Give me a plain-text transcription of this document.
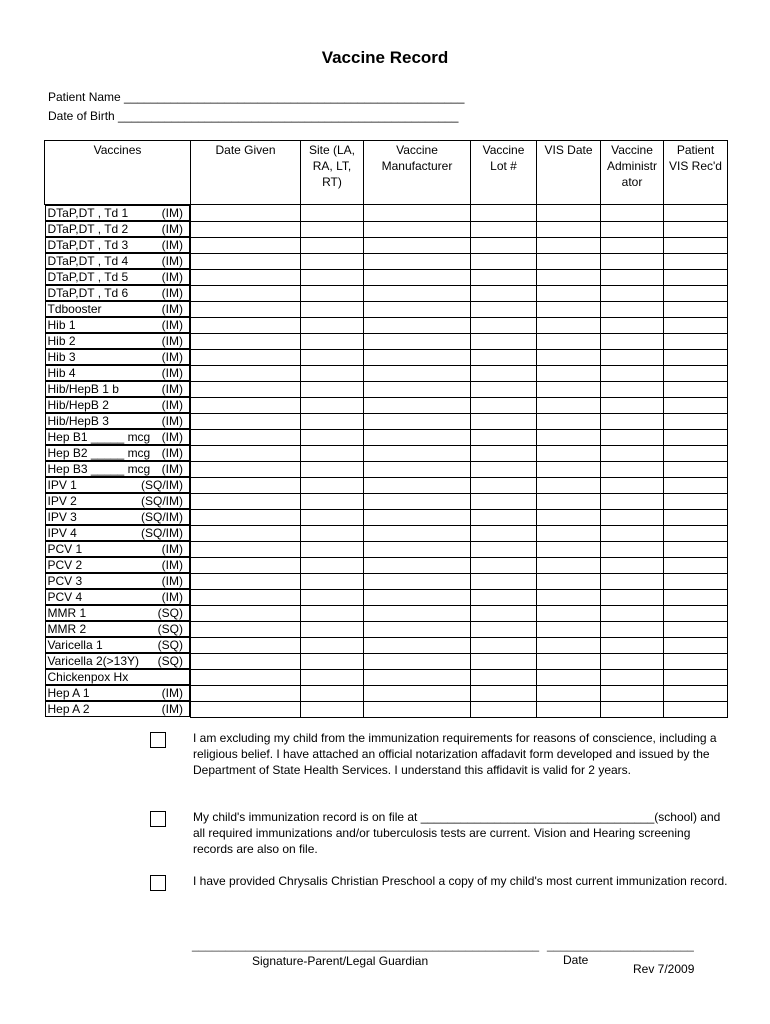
Vaccine Record
Patient Name ___________________________________________________
Date of Birth ___________________________________________________
Vaccines	Date Given	Site (LA, RA, LT, RT)	Vaccine Manufacturer	Vaccine Lot #	VIS Date	Vaccine Administr ator	Patient VIS Rec'd

DTaP,DT , Td 1	(IM)

DTaP,DT , Td 2	(IM)

DTaP,DT , Td 3	(IM)

DTaP,DT , Td 4	(IM)

DTaP,DT , Td 5	(IM)

DTaP,DT , Td 6	(IM)

Tdbooster	(IM)

Hib 1	(IM)

Hib 2	(IM)

Hib 3	(IM)

Hib 4	(IM)

Hib/HepB 1 b	(IM)

Hib/HepB 2	(IM)

Hib/HepB 3	(IM)

Hep B1 _____ mcg (IM)

Hep B2 _____ mcg (IM)

Hep B3 _____ mcg (IM)

IPV 1	(SQ/IM)

IPV 2	(SQ/IM)

IPV 3	(SQ/IM)

IPV 4	(SQ/IM)

PCV 1	(IM)

PCV 2	(IM)

PCV 3	(IM)

PCV 4	(IM)

MMR 1	(SQ)

MMR 2	(SQ)

Varicella 1	(SQ)

Varicella 2(>13Y) (SQ)

Chickenpox Hx

Hep A 1	(IM)

Hep A 2	(IM)

I am excluding my child from the immunization requirements for reasons of conscience, including a religious belief. I have attached an official notarization affadavit form developed and issued by the Department of State Health Services. I understand this affidavit is valid for 2 years.
My child's immunization record is on file at ___________________________________(school) and all required immunizations and/or tuberculosis tests are current. Vision and Hearing screening records are also on file.
I have provided Chrysalis Christian Preschool a copy of my child's most current immunization record.
____________________________________________________ ______________________
Signature-Parent/Legal Guardian	Date
Rev 7/2009
